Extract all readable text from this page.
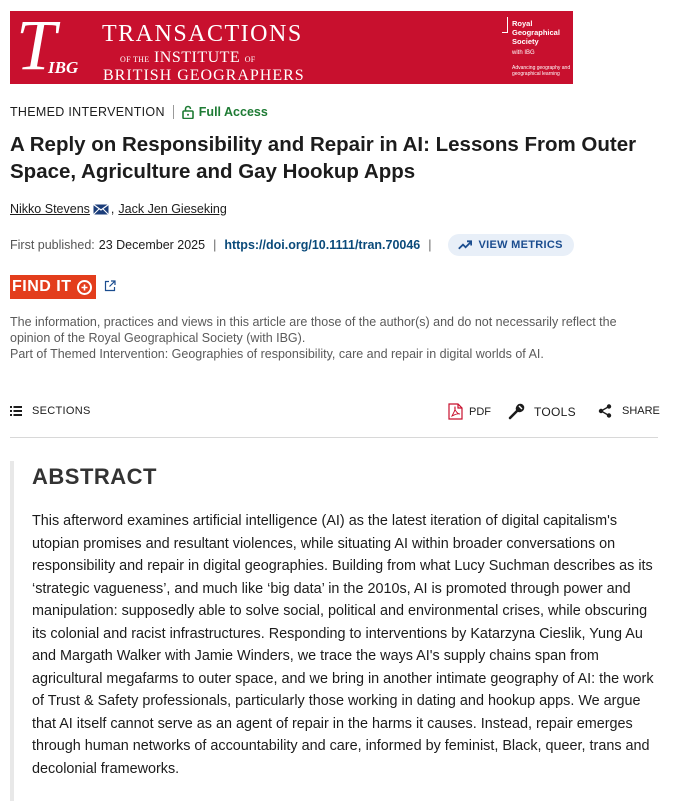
T
IBG
TRANSACTIONS
OF THE INSTITUTE OF
BRITISH GEOGRAPHERS
Royal Geographical Society
with IBG
Advancing geography and geographical learning
THEMED INTERVENTION	Full Access
A Reply on Responsibility and Repair in AI: Lessons From Outer Space, Agriculture and Gay Hookup Apps
Nikko Stevens , Jack Jen Gieseking
First published: 23 December 2025 | https://doi.org/10.1111/tran.70046 |	VIEW METRICS
FIND IT

The information, practices and views in this article are those of the author(s) and do not necessarily reflect the opinion of the Royal Geographical Society (with IBG).

Part of Themed Intervention: Geographies of responsibility, care and repair in digital worlds of AI.

SECTIONS	PDF	TOOLS	SHARE
ABSTRACT

This afterword examines artificial intelligence (AI) as the latest iteration of digital capitalism's utopian promises and resultant violences, while situating AI within broader conversations on responsibility and repair in digital geographies. Building from what Lucy Suchman describes as its ‘strategic vagueness’, and much like ‘big data’ in the 2010s, AI is promoted through power and manipulation: supposedly able to solve social, political and environmental crises, while obscuring its colonial and racist infrastructures. Responding to interventions by Katarzyna Cieslik, Yung Au and Margath Walker with Jamie Winders, we trace the ways AI's supply chains span from agricultural megafarms to outer space, and we bring in another intimate geography of AI: the work of Trust & Safety professionals, particularly those working in dating and hookup apps. We argue that AI itself cannot serve as an agent of repair in the harms it causes. Instead, repair emerges through human networks of accountability and care, informed by feminist, Black, queer, trans and decolonial frameworks.
